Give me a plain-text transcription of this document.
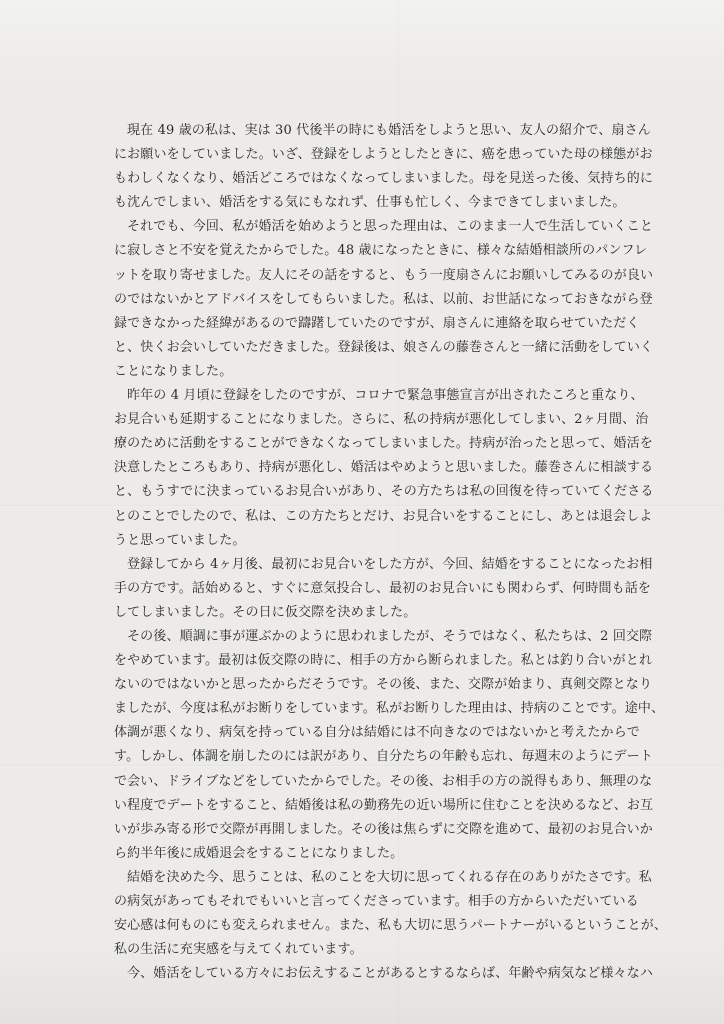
現在 49 歳の私は、実は 30 代後半の時にも婚活をしようと思い、友人の紹介で、扇さん
にお願いをしていました。いざ、登録をしようとしたときに、癌を患っていた母の様態がお
もわしくなくなり、婚活どころではなくなってしまいました。母を見送った後、気持ち的に
も沈んでしまい、婚活をする気にもなれず、仕事も忙しく、今まできてしまいました。
それでも、今回、私が婚活を始めようと思った理由は、このまま一人で生活していくこと
に寂しさと不安を覚えたからでした。48 歳になったときに、様々な結婚相談所のパンフレ
ットを取り寄せました。友人にその話をすると、もう一度扇さんにお願いしてみるのが良い
のではないかとアドバイスをしてもらいました。私は、以前、お世話になっておきながら登
録できなかった経緯があるので躊躇していたのですが、扇さんに連絡を取らせていただく
と、快くお会いしていただきました。登録後は、娘さんの藤巻さんと一緒に活動をしていく
ことになりました。
昨年の 4 月頃に登録をしたのですが、コロナで緊急事態宣言が出されたころと重なり、
お見合いも延期することになりました。さらに、私の持病が悪化してしまい、2ヶ月間、治
療のために活動をすることができなくなってしまいました。持病が治ったと思って、婚活を
決意したところもあり、持病が悪化し、婚活はやめようと思いました。藤巻さんに相談する
と、もうすでに決まっているお見合いがあり、その方たちは私の回復を待っていてくださる
とのことでしたので、私は、この方たちとだけ、お見合いをすることにし、あとは退会しよ
うと思っていました。
登録してから 4ヶ月後、最初にお見合いをした方が、今回、結婚をすることになったお相
手の方です。話始めると、すぐに意気投合し、最初のお見合いにも関わらず、何時間も話を
してしまいました。その日に仮交際を決めました。
その後、順調に事が運ぶかのように思われましたが、そうではなく、私たちは、2 回交際
をやめています。最初は仮交際の時に、相手の方から断られました。私とは釣り合いがとれ
ないのではないかと思ったからだそうです。その後、また、交際が始まり、真剣交際となり
ましたが、今度は私がお断りをしています。私がお断りした理由は、持病のことです。途中、
体調が悪くなり、病気を持っている自分は結婚には不向きなのではないかと考えたからで
す。しかし、体調を崩したのには訳があり、自分たちの年齢も忘れ、毎週末のようにデート
で会い、ドライブなどをしていたからでした。その後、お相手の方の説得もあり、無理のな
い程度でデートをすること、結婚後は私の勤務先の近い場所に住むことを決めるなど、お互
いが歩み寄る形で交際が再開しました。その後は焦らずに交際を進めて、最初のお見合いか
ら約半年後に成婚退会をすることになりました。
結婚を決めた今、思うことは、私のことを大切に思ってくれる存在のありがたさです。私
の病気があってもそれでもいいと言ってくださっています。相手の方からいただいている
安心感は何ものにも変えられません。また、私も大切に思うパートナーがいるということが、
私の生活に充実感を与えてくれています。
今、婚活をしている方々にお伝えすることがあるとするならば、年齢や病気など様々なハ
